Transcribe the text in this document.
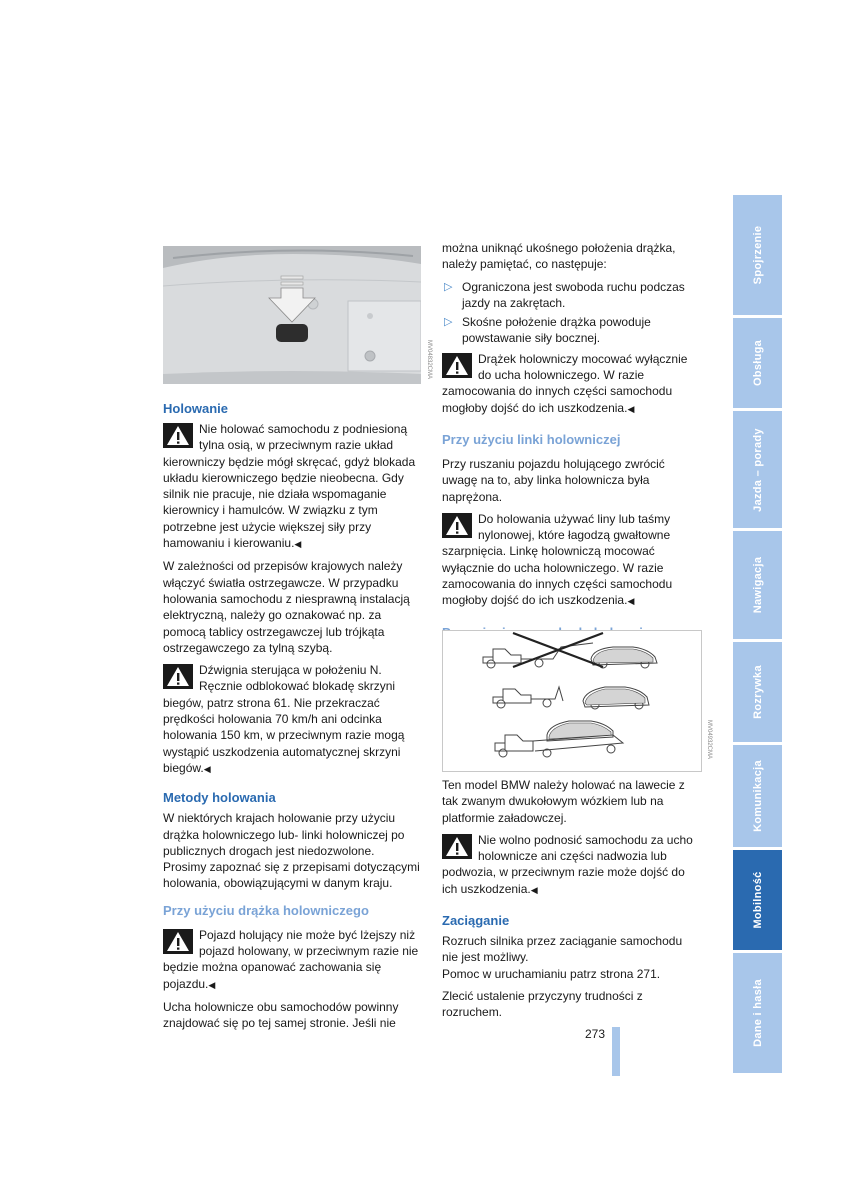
MV04832CMA
Holowanie
Nie holować samochodu z podniesioną tylna osią, w przeciwnym razie układ kierowniczy będzie mógł skręcać, gdyż blokada układu kierowniczego będzie nieobecna. Gdy silnik nie pracuje, nie działa wspomaganie kierownicy i hamulców. W związku z tym potrzebne jest użycie większej siły przy hamowaniu i kierowaniu.◀

W zależności od przepisów krajowych należy włączyć światła ostrzegawcze. W przypadku holowania samochodu z niesprawną instalacją elektryczną, należy go oznakować np. za pomocą tablicy ostrzegawczej lub trójkąta ostrzegawczego za tylną szybą.

Dźwignia sterująca w położeniu N. Ręcznie odblokować blokadę skrzyni biegów, patrz strona 61. Nie przekraczać prędkości holowania 70 km/h ani odcinka holowania 150 km, w przeciwnym razie mogą wystąpić uszkodzenia automatycznej skrzyni biegów.◀
Metody holowania

W niektórych krajach holowanie przy użyciu drążka holowniczego lub- linki holowniczej po publicznych drogach jest niedozwolone. Prosimy zapoznać się z przepisami dotyczącymi holowania, obowiązującymi w danym kraju.

Przy użyciu drążka holowniczego
Pojazd holujący nie może być lżejszy niż pojazd holowany, w przeciwnym razie nie będzie można opanować zachowania się pojazdu.◀

Ucha holownicze obu samochodów powinny znajdować się po tej samej stronie. Jeśli nie

można uniknąć ukośnego położenia drążka, należy pamiętać, co następuje:

▷ Ograniczona jest swoboda ruchu podczas jazdy na zakrętach.
▷ Skośne położenie drążka powoduje powstawanie siły bocznej.
Drążek holowniczy mocować wyłącznie do ucha holowniczego. W razie zamocowania do innych części samochodu mogłoby dojść do ich uszkodzenia.◀
Przy użyciu linki holowniczej

Przy ruszaniu pojazdu holującego zwrócić uwagę na to, aby linka holownicza była naprężona.

Do holowania używać liny lub taśmy nylonowej, które łagodzą gwałtowne szarpnięcia. Linkę holowniczą mocować wyłącznie do ucha holowniczego. W razie zamocowania do innych części samochodu mogłoby dojść do ich uszkodzenia.◀
MV04932CMA

Ten model BMW należy holować na lawecie z tak zwanym dwukołowym wózkiem lub na platformie załadowczej.

Nie wolno podnosić samochodu za ucho holownicze ani części nadwozia lub podwozia, w przeciwnym razie może dojść do ich uszkodzenia.◀
Zaciąganie

Rozruch silnika przez zaciąganie samochodu nie jest możliwy.

Pomoc w uruchamianiu patrz strona 271.

Zlecić ustalenie przyczyny trudności z rozruchem.

273
Spojrzenie
Obsługa
Jazda – porady
Nawigacja
Rozrywka
Komunikacja
Mobilność
Dane i hasła
